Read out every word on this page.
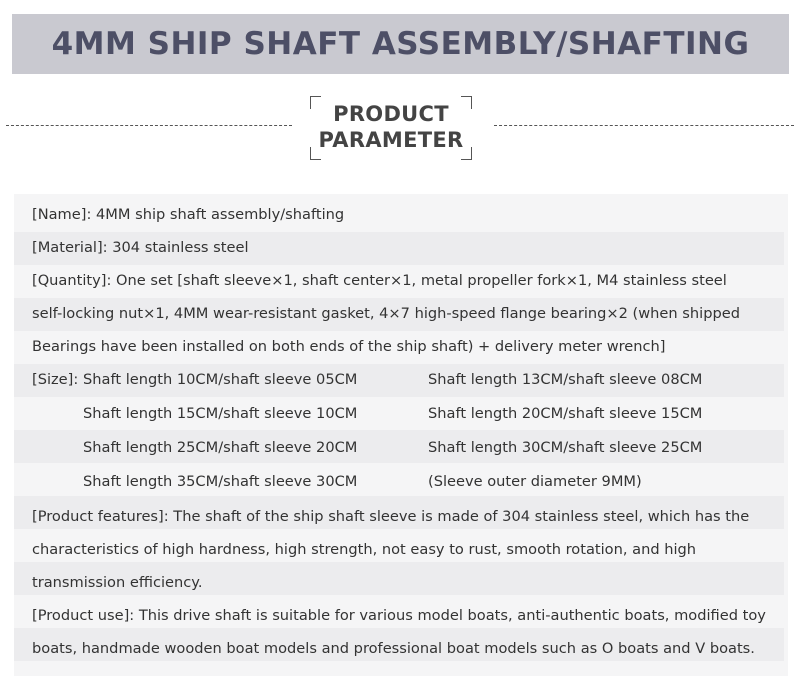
4MM SHIP SHAFT ASSEMBLY/SHAFTING
PRODUCT
PARAMETER
[Name]: 4MM ship shaft assembly/shafting
[Material]: 304 stainless steel
[Quantity]: One set [shaft sleeve×1, shaft center×1, metal propeller fork×1, M4 stainless steel
self-locking nut×1, 4MM wear-resistant gasket, 4×7 high-speed flange bearing×2 (when shipped
Bearings have been installed on both ends of the ship shaft) + delivery meter wrench]
[Size]: Shaft length 10CM/shaft sleeve 05CM	Shaft length 13CM/shaft sleeve 08CM
Shaft length 15CM/shaft sleeve 10CM	Shaft length 20CM/shaft sleeve 15CM
Shaft length 25CM/shaft sleeve 20CM	Shaft length 30CM/shaft sleeve 25CM
Shaft length 35CM/shaft sleeve 30CM	(Sleeve outer diameter 9MM)
[Product features]: The shaft of the ship shaft sleeve is made of 304 stainless steel, which has the
characteristics of high hardness, high strength, not easy to rust, smooth rotation, and high
transmission efficiency.
[Product use]: This drive shaft is suitable for various model boats, anti-authentic boats, modified toy
boats, handmade wooden boat models and professional boat models such as O boats and V boats.
